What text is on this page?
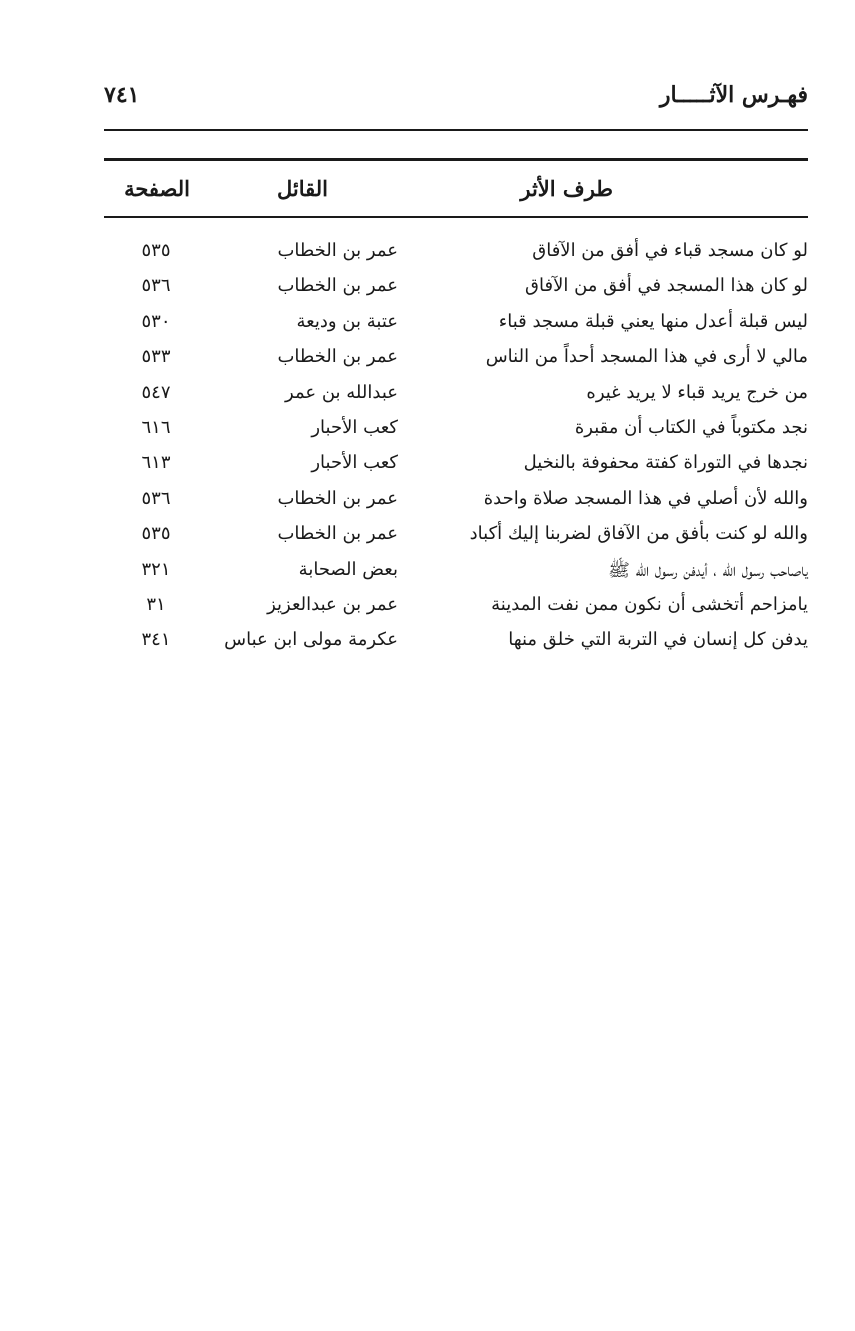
فهـرس الآثـــــار
٧٤١
طرف الأثر
القائل
الصفحة
لو كان مسجد قباء في أفق من الآفاق
عمر بن الخطاب
٥٣٥
لو كان هذا المسجد في أفق من الآفاق
عمر بن الخطاب
٥٣٦
ليس قبلة أعدل منها يعني قبلة مسجد قباء
عتبة بن وديعة
٥٣٠
مالي لا أرى في هذا المسجد أحداً من الناس
عمر بن الخطاب
٥٣٣
من خرج يريد قباء لا يريد غيره
عبدالله بن عمر
٥٤٧
نجد مكتوباً في الكتاب أن مقبرة
كعب الأحبار
٦١٦
نجدها في التوراة كفتة محفوفة بالنخيل
كعب الأحبار
٦١٣
والله لأن أصلي في هذا المسجد صلاة واحدة
عمر بن الخطاب
٥٣٦
والله لو كنت بأفق من الآفاق لضربنا إليك أكباد
عمر بن الخطاب
٥٣٥
ياصاحب رسول الله ، أيدفن رسول الله ﷺ
بعض الصحابة
٣٢١
يامزاحم أتخشى أن نكون ممن نفت المدينة
عمر بن عبدالعزيز
٣١
يدفن كل إنسان في التربة التي خلق منها
عكرمة مولى ابن عباس
٣٤١
